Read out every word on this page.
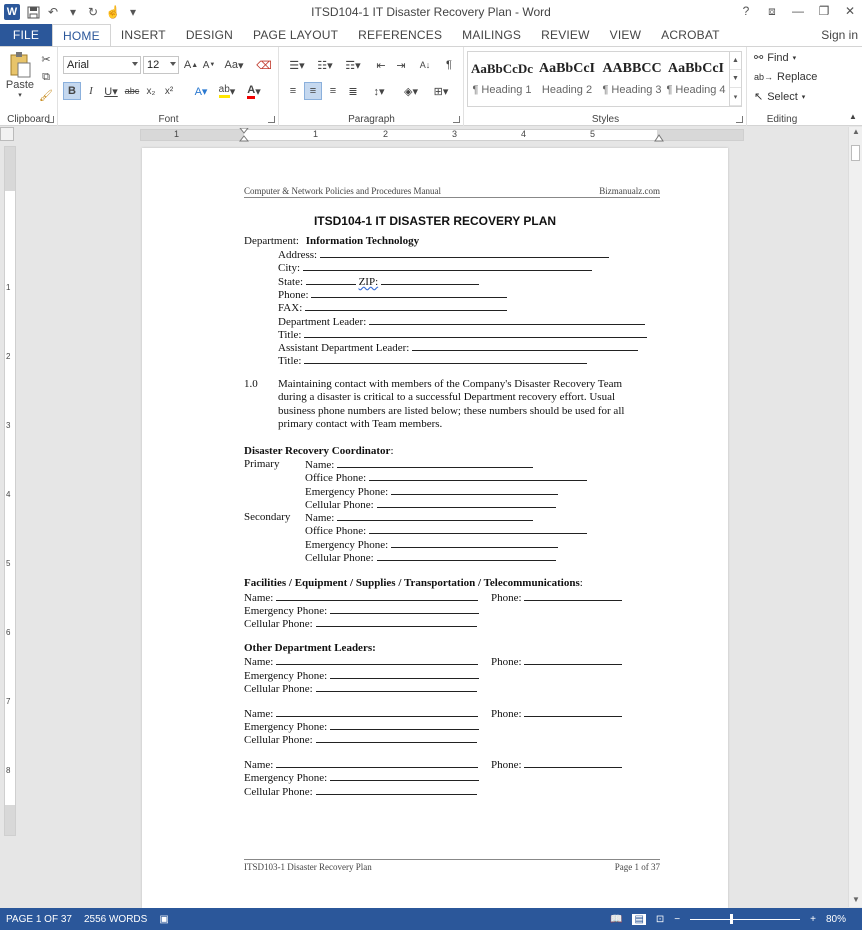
W	↶ ▾ ↻ ☝ ▾	ITSD104-1 IT Disaster Recovery Plan - Word	?	⧈	— ❐ ✕
FILE	HOME	INSERT	DESIGN	PAGE LAYOUT	REFERENCES	MAILINGS	REVIEW	VIEW	ACROBAT	Sign in
Paste
▾
✂
⧉
🖌
Clipboard
Arial	12 A ▲ A ▼ Aa ▾	⌫
B	I	U▾ abc x₂ x²	A▾	ab ▾	A ▾
Font
☰▾	☷▾	☶▾	⇤ ⇥	A↓	¶
≡	≡	≡	≣	↕▾	◈▾	⊞▾
Paragraph	Styles
AaBbCcDc
¶ Heading 1
AaBbCcI
Heading 2
AABBCC
¶ Heading 3
AaBbCcI
¶ Heading 4
▲
▼
▾
Editing
⚯ Find ▾
ab→ Replace
↖ Select ▾
▲
1	1	2	3	4	5
1
2
3
4
5
6
7
8
▲
▼
Computer & Network Policies and Procedures Manual	Bizmanualz.com
ITSD104-1 IT DISASTER RECOVERY PLAN
Department: Information Technology
Address:
City:
State:	ZIP:
Phone:
FAX:
Department Leader:
Title:
Assistant Department Leader:
Title:
1.0 Maintaining contact with members of the Company's Disaster Recovery Team during a disaster is critical to a successful Department recovery effort. Usual business phone numbers are listed below; these numbers should be used for all primary contact with Team members.
Disaster Recovery Coordinator:
Primary Name:
Office Phone:
Emergency Phone:
Cellular Phone:
Secondary Name:
Office Phone:
Emergency Phone:
Cellular Phone:
Facilities / Equipment / Supplies / Transportation / Telecommunications:
Name:	Phone:
Emergency Phone:
Cellular Phone:
Other Department Leaders:
Name:	Phone:
Emergency Phone:
Cellular Phone:
Name:	Phone:
Emergency Phone:
Cellular Phone:
Name:	Phone:
Emergency Phone:
Cellular Phone:
ITSD103-1 Disaster Recovery Plan	Page 1 of 37
PAGE 1 OF 37	2556 WORDS	▣	📖 ▤ ⊡ −	+ 80%
